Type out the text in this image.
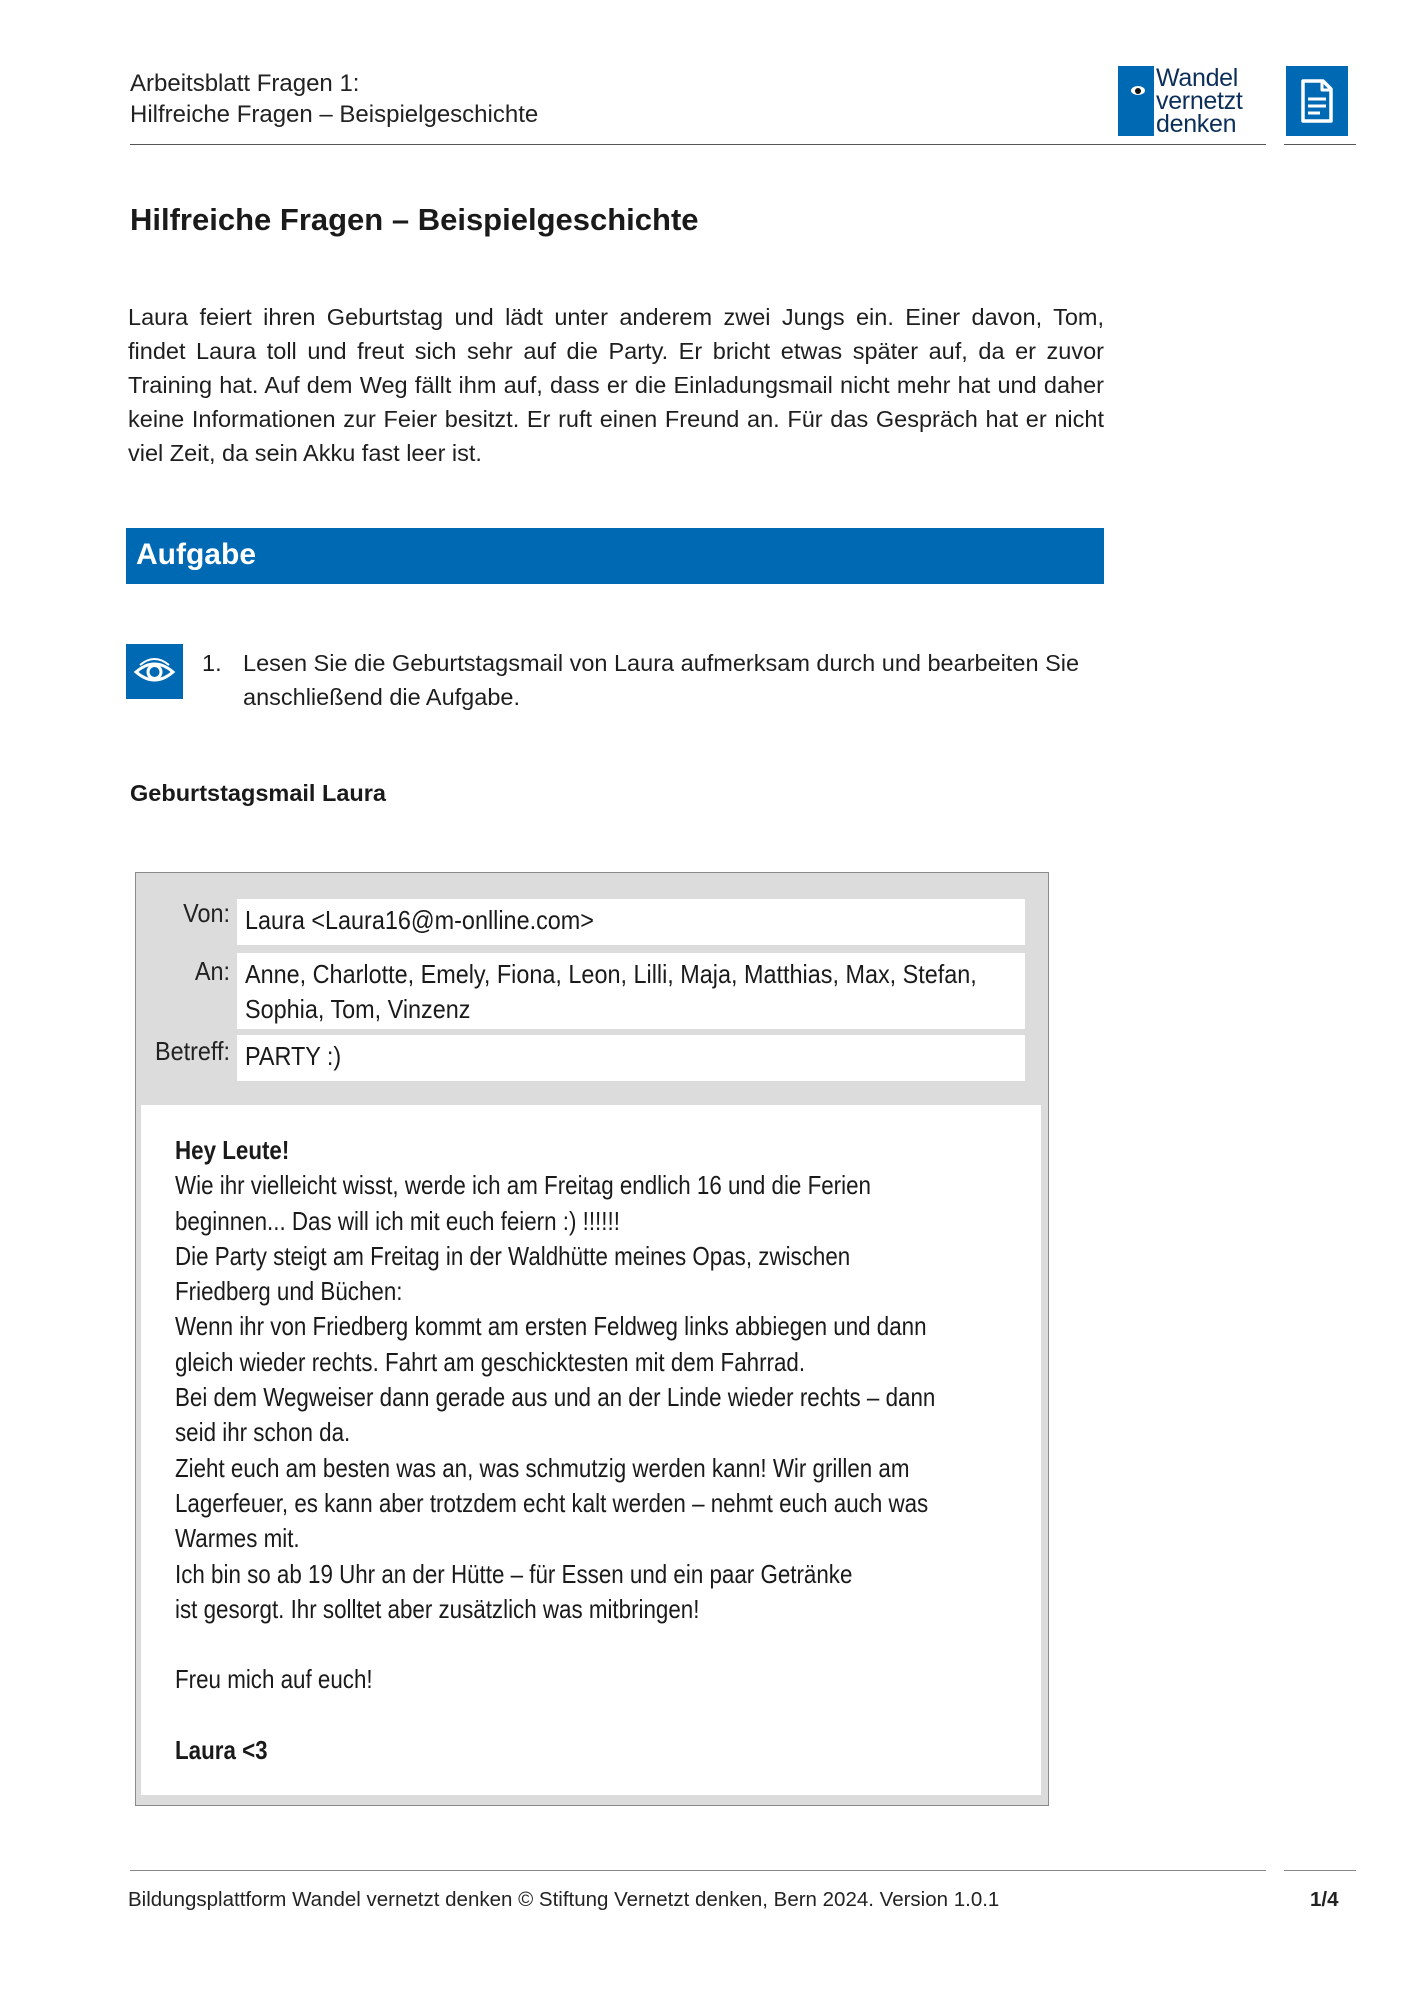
Arbeitsblatt Fragen 1:
Hilfreiche Fragen – Beispielgeschichte
Wandel
vernetzt
denken
Hilfreiche Fragen – Beispielgeschichte
Laura feiert ihren Geburtstag und lädt unter anderem zwei Jungs ein. Einer davon, Tom, findet Laura toll und freut sich sehr auf die Party. Er bricht etwas später auf, da er zuvor Training hat. Auf dem Weg fällt ihm auf, dass er die Einladungsmail nicht mehr hat und daher keine Informationen zur Feier besitzt. Er ruft einen Freund an. Für das Gespräch hat er nicht viel Zeit, da sein Akku fast leer ist.
Aufgabe
1. Lesen Sie die Geburtstagsmail von Laura aufmerksam durch und bearbeiten Sie anschließend die Aufgabe.
Geburtstagsmail Laura
Von: Laura <Laura16@m-onlline.com>
An: Anne, Charlotte, Emely, Fiona, Leon, Lilli, Maja, Matthias, Max, Stefan,
Sophia, Tom, Vinzenz
Betreff: PARTY :)
Hey Leute!
Wie ihr vielleicht wisst, werde ich am Freitag endlich 16 und die Ferien
beginnen... Das will ich mit euch feiern :) !!!!!!
Die Party steigt am Freitag in der Waldhütte meines Opas, zwischen
Friedberg und Büchen:
Wenn ihr von Friedberg kommt am ersten Feldweg links abbiegen und dann
gleich wieder rechts. Fahrt am geschicktesten mit dem Fahrrad.
Bei dem Wegweiser dann gerade aus und an der Linde wieder rechts – dann
seid ihr schon da.
Zieht euch am besten was an, was schmutzig werden kann! Wir grillen am
Lagerfeuer, es kann aber trotzdem echt kalt werden – nehmt euch auch was
Warmes mit.
Ich bin so ab 19 Uhr an der Hütte – für Essen und ein paar Getränke
ist gesorgt. Ihr solltet aber zusätzlich was mitbringen!
Freu mich auf euch!
Laura <3
Bildungsplattform Wandel vernetzt denken © Stiftung Vernetzt denken, Bern 2024. Version 1.0.1	1/4
